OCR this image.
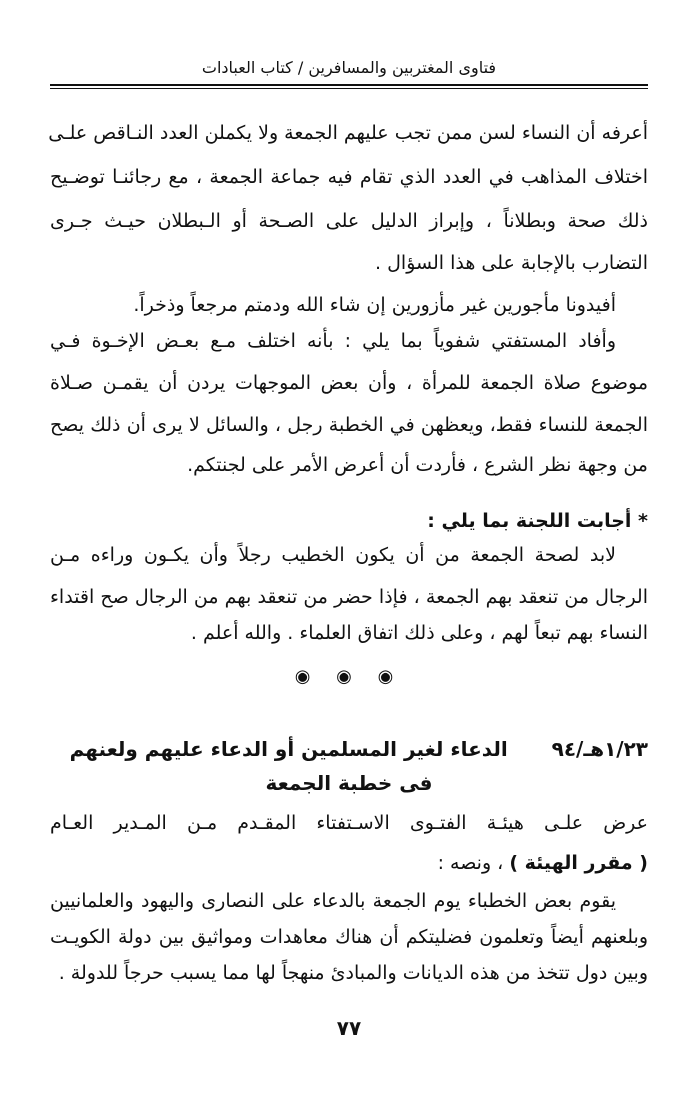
فتاوى المغتربين والمسافرين / كتاب العبادات
أعرفه أن النساء لسن ممن تجب عليهم الجمعة ولا يكملن العدد النـاقص علـى
اختلاف المذاهب في العدد الذي تقام فيه جماعة الجمعة ، مع رجائنـا توضـيح
ذلك صحة وبطلاناً ، وإبراز الدليل على الصـحة أو الـبطلان حيـث جـرى
التضارب بالإجابة على هذا السؤال .
أفيدونا مأجورين غير مأزورين إن شاء الله ودمتم مرجعاً وذخراً.
وأفاد المستفتي شفوياً بما يلي : بأنه اختلف مـع بعـض الإخـوة فـي
موضوع صلاة الجمعة للمرأة ، وأن بعض الموجهات يردن أن يقمـن صـلاة
الجمعة للنساء فقط، ويعظهن في الخطبة رجل ، والسائل لا يرى أن ذلك يصح
من وجهة نظر الشرع ، فأردت أن أعرض الأمر على لجنتكم.
* أجابت اللجنة بما يلي :
لابد لصحة الجمعة من أن يكون الخطيب رجلاً وأن يكـون وراءه مـن
الرجال من تنعقد بهم الجمعة ، فإذا حضر من تنعقد بهم من الرجال صح اقتداء
النساء بهم تبعاً لهم ، وعلى ذلك اتفاق العلماء . والله أعلم .
◉ ◉ ◉
١/٢٣هـ/٩٤  الدعاء لغير المسلمين أو الدعاء عليهم ولعنهم
فى خطبة الجمعة
عرض علـى هيئـة الفتـوى الاسـتفتاء المقـدم مـن المـدير العـام
( مقرر الهيئة ) ، ونصه :
يقوم بعض الخطباء يوم الجمعة بالدعاء على النصارى واليهود والعلمانيين
وبلعنهم أيضاً وتعلمون فضليتكم أن هناك معاهدات ومواثيق بين دولة الكويـت
وبين دول تتخذ من هذه الديانات والمبادئ منهجاً لها مما يسبب حرجاً للدولة .
٧٧
